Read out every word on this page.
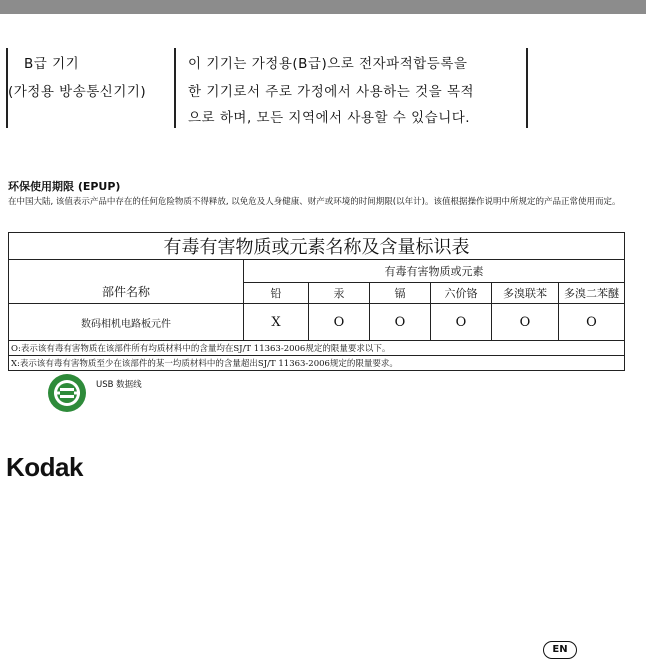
B급 기기
(가정용 방송통신기기)
이 기기는 가정용(B급)으로 전자파적합등록을
한 기기로서 주로 가정에서 사용하는 것을 목적
으로 하며, 모든 지역에서 사용할 수 있습니다.
环保使用期限 (EPUP)
在中国大陆, 该值表示产品中存在的任何危险物质不得释放, 以免危及人身健康、财产或环境的时间期限(以年计)。该值根据操作说明中所规定的产品正常使用而定。
有毒有害物质或元素名称及含量标识表						
部件名称	有毒有害物质或元素					
	铅	汞	镉	六价铬	多溴联苯	多溴二苯醚
数码相机电路板元件	X	O	O	O	O	O
O:表示该有毒有害物质在该部件所有均质材料中的含量均在SJ/T 11363-2006规定的限量要求以下。						
X:表示该有毒有害物质至少在该部件的某一均质材料中的含量超出SJ/T 11363-2006规定的限量要求。						
USB 数据线
Kodak
EN
